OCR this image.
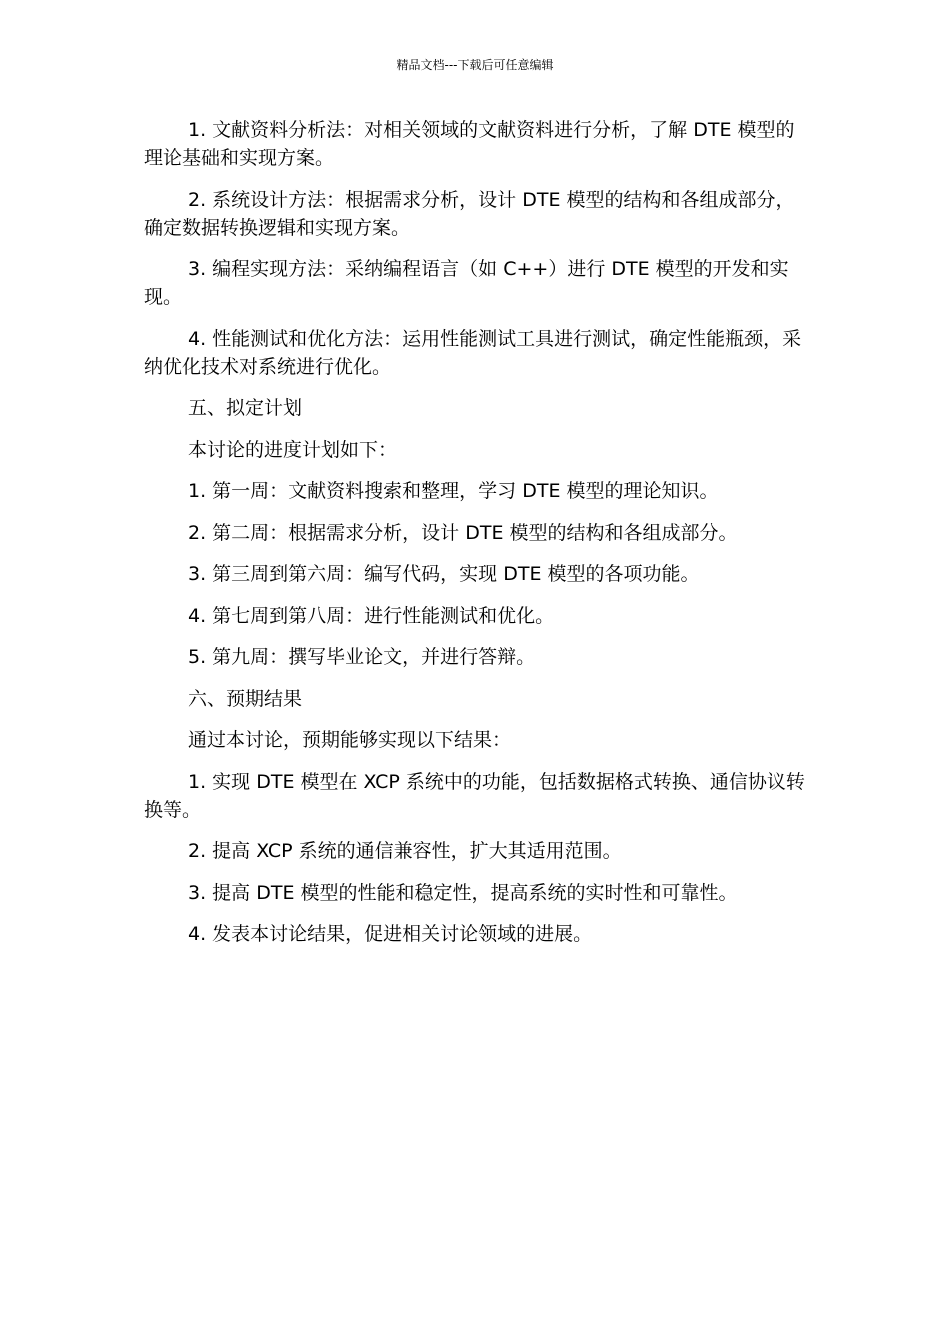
精品文档---下载后可任意编辑

1. 文献资料分析法：对相关领域的文献资料进行分析，了解 DTE 模型的理论基础和实现方案。

2. 系统设计方法：根据需求分析，设计 DTE 模型的结构和各组成部分，确定数据转换逻辑和实现方案。

3. 编程实现方法：采纳编程语言（如 C++）进行 DTE 模型的开发和实现。

4. 性能测试和优化方法：运用性能测试工具进行测试，确定性能瓶颈，采纳优化技术对系统进行优化。

五、拟定计划

本讨论的进度计划如下：

1. 第一周：文献资料搜索和整理，学习 DTE 模型的理论知识。

2. 第二周：根据需求分析，设计 DTE 模型的结构和各组成部分。

3. 第三周到第六周：编写代码，实现 DTE 模型的各项功能。

4. 第七周到第八周：进行性能测试和优化。

5. 第九周：撰写毕业论文，并进行答辩。

六、预期结果

通过本讨论，预期能够实现以下结果：

1. 实现 DTE 模型在 XCP 系统中的功能，包括数据格式转换、通信协议转换等。

2. 提高 XCP 系统的通信兼容性，扩大其适用范围。

3. 提高 DTE 模型的性能和稳定性，提高系统的实时性和可靠性。

4. 发表本讨论结果，促进相关讨论领域的进展。
